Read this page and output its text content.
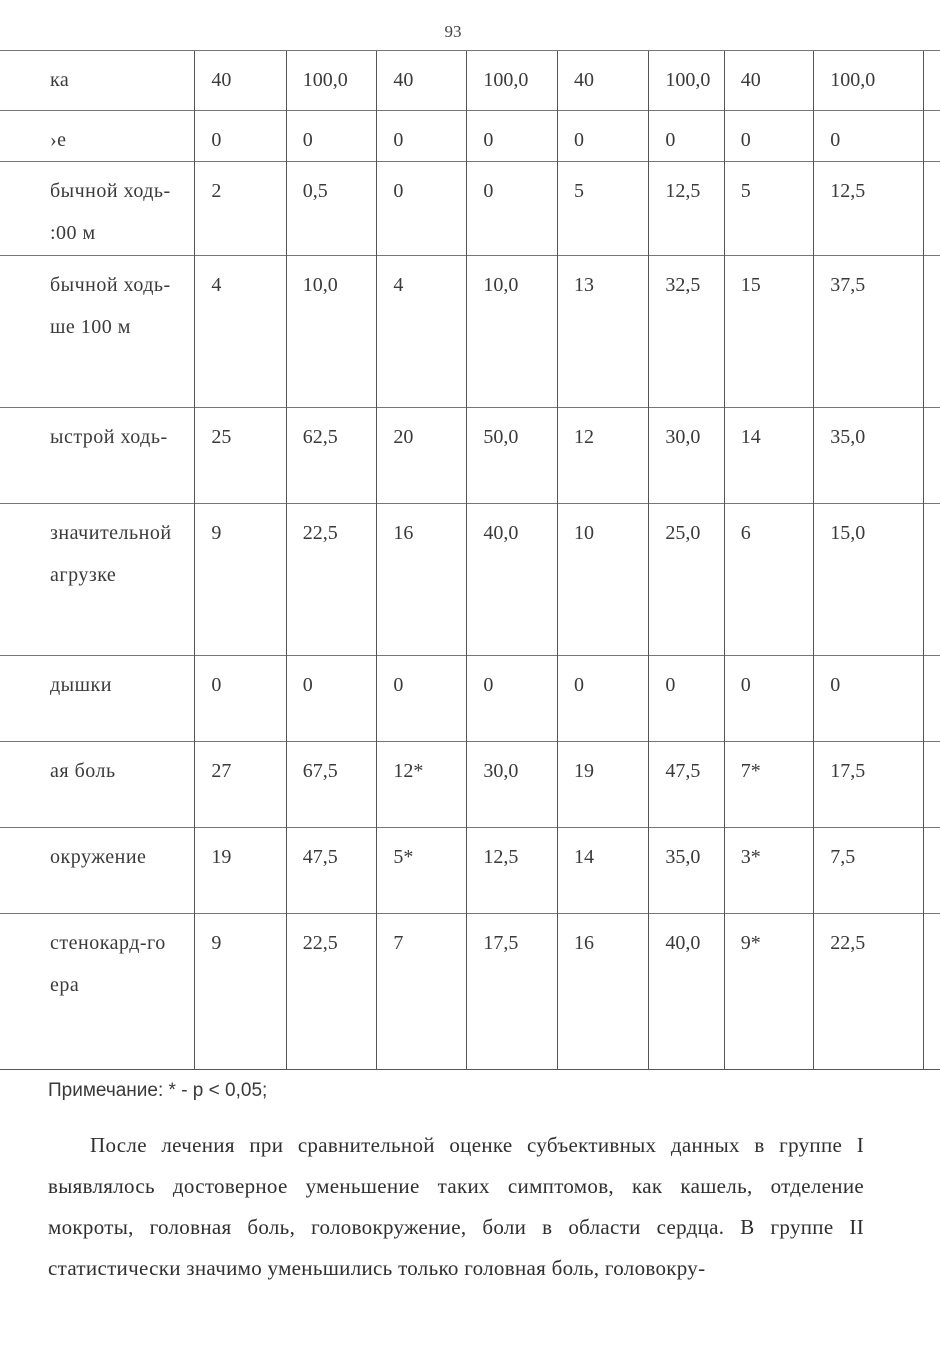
93
ка	40	100,0	40	100,0	40	100,0	40	100,0	

›е	0	0	0	0	0	0	0	0	

бычной ходь-
:00 м	2	0,5	0	0	5	12,5	5	12,5	

бычной ходь-
ше 100 м	4	10,0	4	10,0	13	32,5	15	37,5	

ыстрой ходь-	25	62,5	20	50,0	12	30,0	14	35,0	

значительной
агрузке	9	22,5	16	40,0	10	25,0	6	15,0	

дышки	0	0	0	0	0	0	0	0	

ая боль	27	67,5	12*	30,0	19	47,5	7*	17,5	

окружение	19	47,5	5*	12,5	14	35,0	3*	7,5	

стенокард-го
ера	9	22,5	7	17,5	16	40,0	9*	22,5	
Примечание: * - p < 0,05;
После лечения при сравнительной оценке субъективных данных в группе I выявлялось достоверное уменьшение таких симптомов, как кашель, отделение мокроты, головная боль, головокружение, боли в области сердца. В группе II статистически значимо уменьшились только головная боль, головокру-
